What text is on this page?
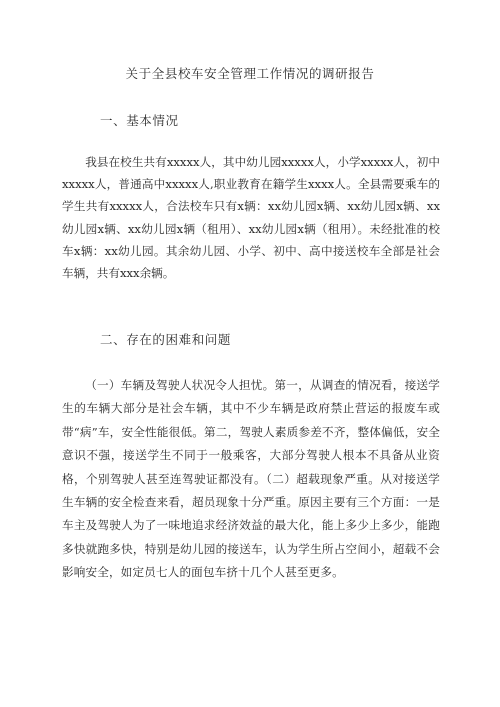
关于全县校车安全管理工作情况的调研报告
一、基本情况
我县在校生共有xxxxx人，其中幼儿园xxxxx人，小学xxxxx人，初中xxxxx人，普通高中xxxxx人,职业教育在籍学生xxxx人。全县需要乘车的学生共有xxxxx人，合法校车只有x辆：xx幼儿园x辆、xx幼儿园x辆、xx幼儿园x辆、xx幼儿园x辆（租用）、xx幼儿园x辆（租用）。未经批准的校车x辆：xx幼儿园。其余幼儿园、小学、初中、高中接送校车全部是社会车辆，共有xxx余辆。
二、存在的困难和问题
（一）车辆及驾驶人状况令人担忧。第一，从调查的情况看，接送学生的车辆大部分是社会车辆，其中不少车辆是政府禁止营运的报废车或带“病”车，安全性能很低。第二，驾驶人素质参差不齐，整体偏低，安全意识不强，接送学生不同于一般乘客，大部分驾驶人根本不具备从业资格，个别驾驶人甚至连驾驶证都没有。（二）超载现象严重。从对接送学生车辆的安全检查来看，超员现象十分严重。原因主要有三个方面：一是车主及驾驶人为了一味地追求经济效益的最大化，能上多少上多少，能跑多快就跑多快，特别是幼儿园的接送车，认为学生所占空间小，超载不会影响安全，如定员七人的面包车挤十几个人甚至更多。
